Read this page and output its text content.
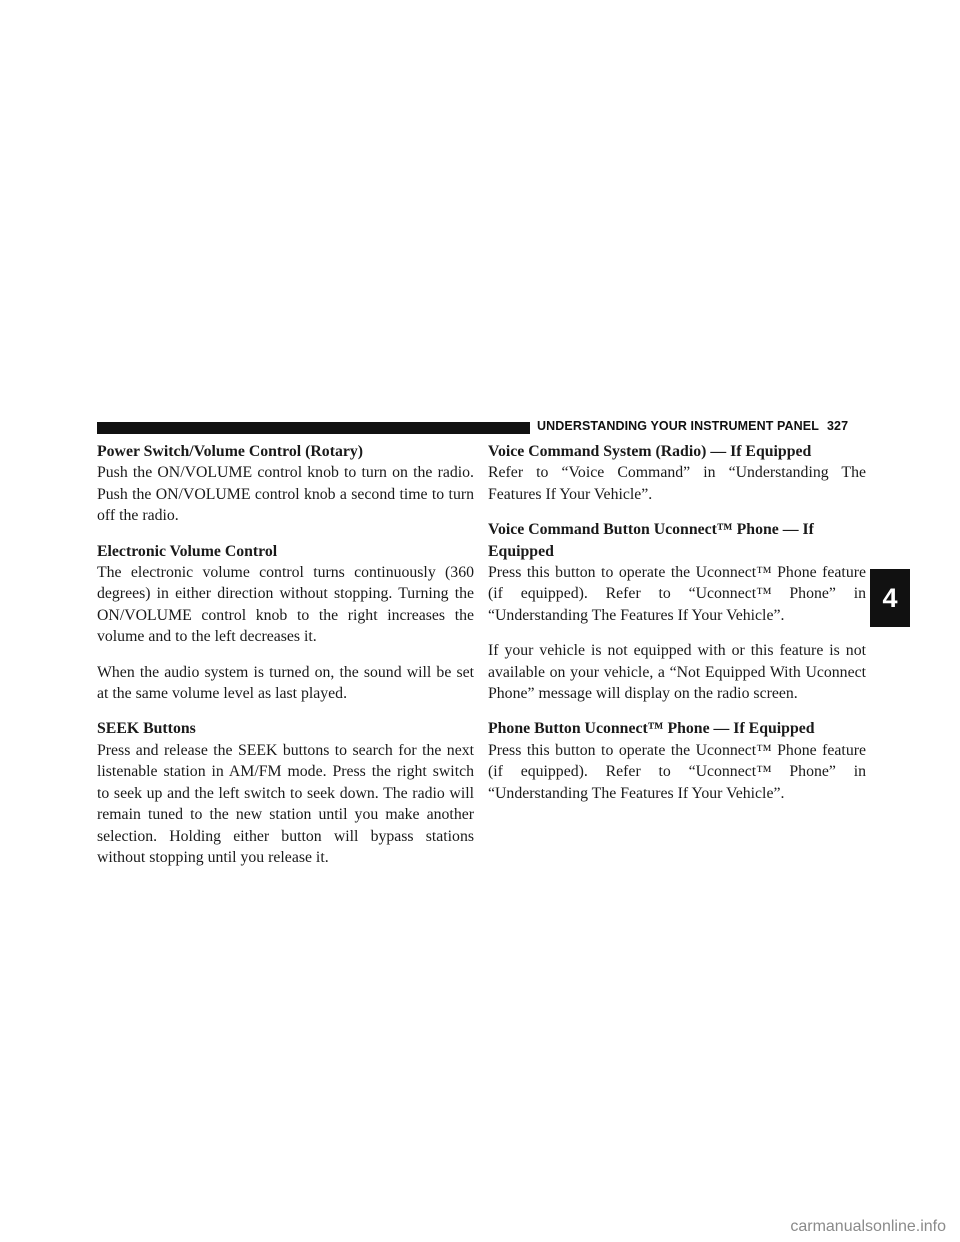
UNDERSTANDING YOUR INSTRUMENT PANEL 327
Power Switch/Volume Control (Rotary)
Push the ON/VOLUME control knob to turn on the radio. Push the ON/VOLUME control knob a second time to turn off the radio.
Electronic Volume Control
The electronic volume control turns continuously (360 degrees) in either direction without stopping. Turning the ON/VOLUME control knob to the right increases the volume and to the left decreases it.
When the audio system is turned on, the sound will be set at the same volume level as last played.
SEEK Buttons
Press and release the SEEK buttons to search for the next listenable station in AM/FM mode. Press the right switch to seek up and the left switch to seek down. The radio will remain tuned to the new station until you make another selection. Holding either button will bypass stations without stopping until you release it.
Voice Command System (Radio) — If Equipped
Refer to “Voice Command” in “Understanding The Features If Your Vehicle”.
Voice Command Button Uconnect™ Phone — If Equipped
Press this button to operate the Uconnect™ Phone feature (if equipped). Refer to “Uconnect™ Phone” in “Understanding The Features If Your Vehicle”.
If your vehicle is not equipped with or this feature is not available on your vehicle, a “Not Equipped With Uconnect Phone” message will display on the radio screen.
Phone Button Uconnect™ Phone — If Equipped
Press this button to operate the Uconnect™ Phone feature (if equipped). Refer to “Uconnect™ Phone” in “Understanding The Features If Your Vehicle”.
4
carmanualsonline.info
